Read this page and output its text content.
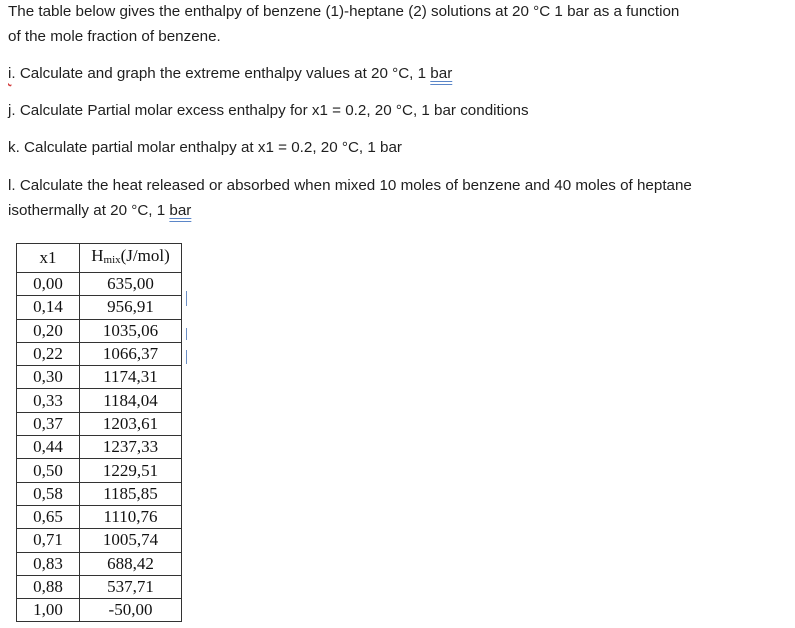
The table below gives the enthalpy of benzene (1)-heptane (2) solutions at 20 °C 1 bar as a function

of the mole fraction of benzene.

i. Calculate and graph the extreme enthalpy values at 20 °C, 1 bar

j. Calculate Partial molar excess enthalpy for x1 = 0.2, 20 °C, 1 bar conditions

k. Calculate partial molar enthalpy at x1 = 0.2, 20 °C, 1 bar

l. Calculate the heat released or absorbed when mixed 10 moles of benzene and 40 moles of heptane

isothermally at 20 °C, 1 bar

x1	Hmix(J/mol)
0,00	635,00
0,14	956,91
0,20	1035,06
0,22	1066,37
0,30	1174,31
0,33	1184,04
0,37	1203,61
0,44	1237,33
0,50	1229,51
0,58	1185,85
0,65	1110,76
0,71	1005,74
0,83	688,42
0,88	537,71
1,00	-50,00
